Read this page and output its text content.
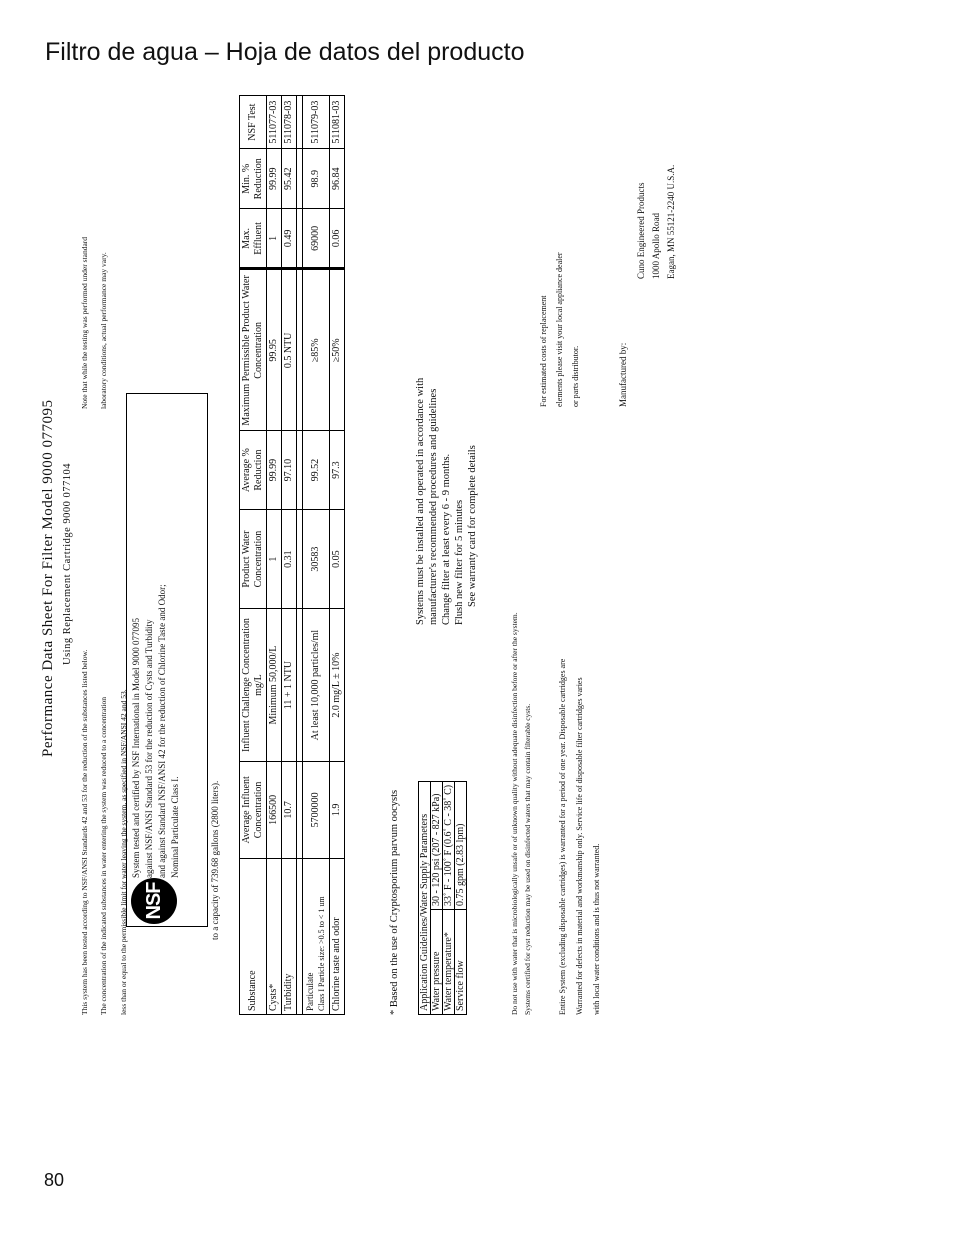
Filtro de agua – Hoja de datos del producto
80
Performance Data Sheet For Filter Model 9000 077095 Using Replacement Cartridge 9000 077104
This system has been tested according to NSF/ANSI Standards 42 and 53 for the reduction of the substances listed below. The concentration of the indicated substances in water entering the system was reduced to a concentration less than or equal to the permissible limit for water leaving the system, as specified in NSF/ANSI 42 and 53.
Note that while the testing was performed under standard laboratory conditions, actual performance may vary.
NSF
System tested and certified by NSF International in Model 9000 077095 against NSF/ANSI Standard 53 for the reduction of Cysts and Turbidity and against Standard NSF/ANSI 42 for the reduction of Chlorine Taste and Odor; Nominal Particulate Class I.	to a capacity of 739.68 gallons (2800 liters).
Substance	Average Influent Concentration	Influent Challenge Concentration mg/L	Product Water Concentration	Average % Reduction	Maximum Permissible Product Water Concentration	Max. Effluent	Min. % Reduction	NSF Test
Cysts*	166500	Minimum 50,000/L	1	99.99	99.95	1	99.99	511077-03
Turbidity	10.7	11 + 1 NTU	0.31	97.10	0.5 NTU	0.49	95.42	511078-03

Particulate Class I Particle size: >0.5 to < 1 um	5700000	At least 10,000 particles/ml	30583	99.52	≥85%	69000	98.9	511079-03
Chlorine taste and odor	1.9	2.0 mg/L ± 10%	0.05	97.3	≥50%	0.06	96.84	511081-03
* Based on the use of Cryptosporium parvum oocysts Application Guidelines/Water Supply Parameters	
Water pressure	30 - 120 psi (207 - 827 kPa)
Water temperature*	33˚ F - 100˚ F (0.6˚ C - 38˚ C)
Service flow	0.75 gpm (2.83 lpm)
Systems must be installed and operated in accordance with manufacturer's recommended procedures and guidelines Change filter at least every 6 - 9 months. Flush new filter for 5 minutes See warranty card for complete details
Do not use with water that is microbiologically unsafe or of unknown quality without adequate disinfection before or after the system. Systems certified for cyst reduction may be used on disinfected waters that may contain filterable cysts.	Entire System (excluding disposable cartridges) is warranted for a period of one year. Disposable cartridges are	Warranted for defects in material and workmanship only. Service life of disposable filter cartridges varies	with local water conditions and is thus not warranted.
For estimated costs of replacement elements please visit your local appliance dealer or parts distributor.	Manufactured by:
Cuno Engineered Products 1000 Apollo Road Eagan, MN 55121-2240 U.S.A.
